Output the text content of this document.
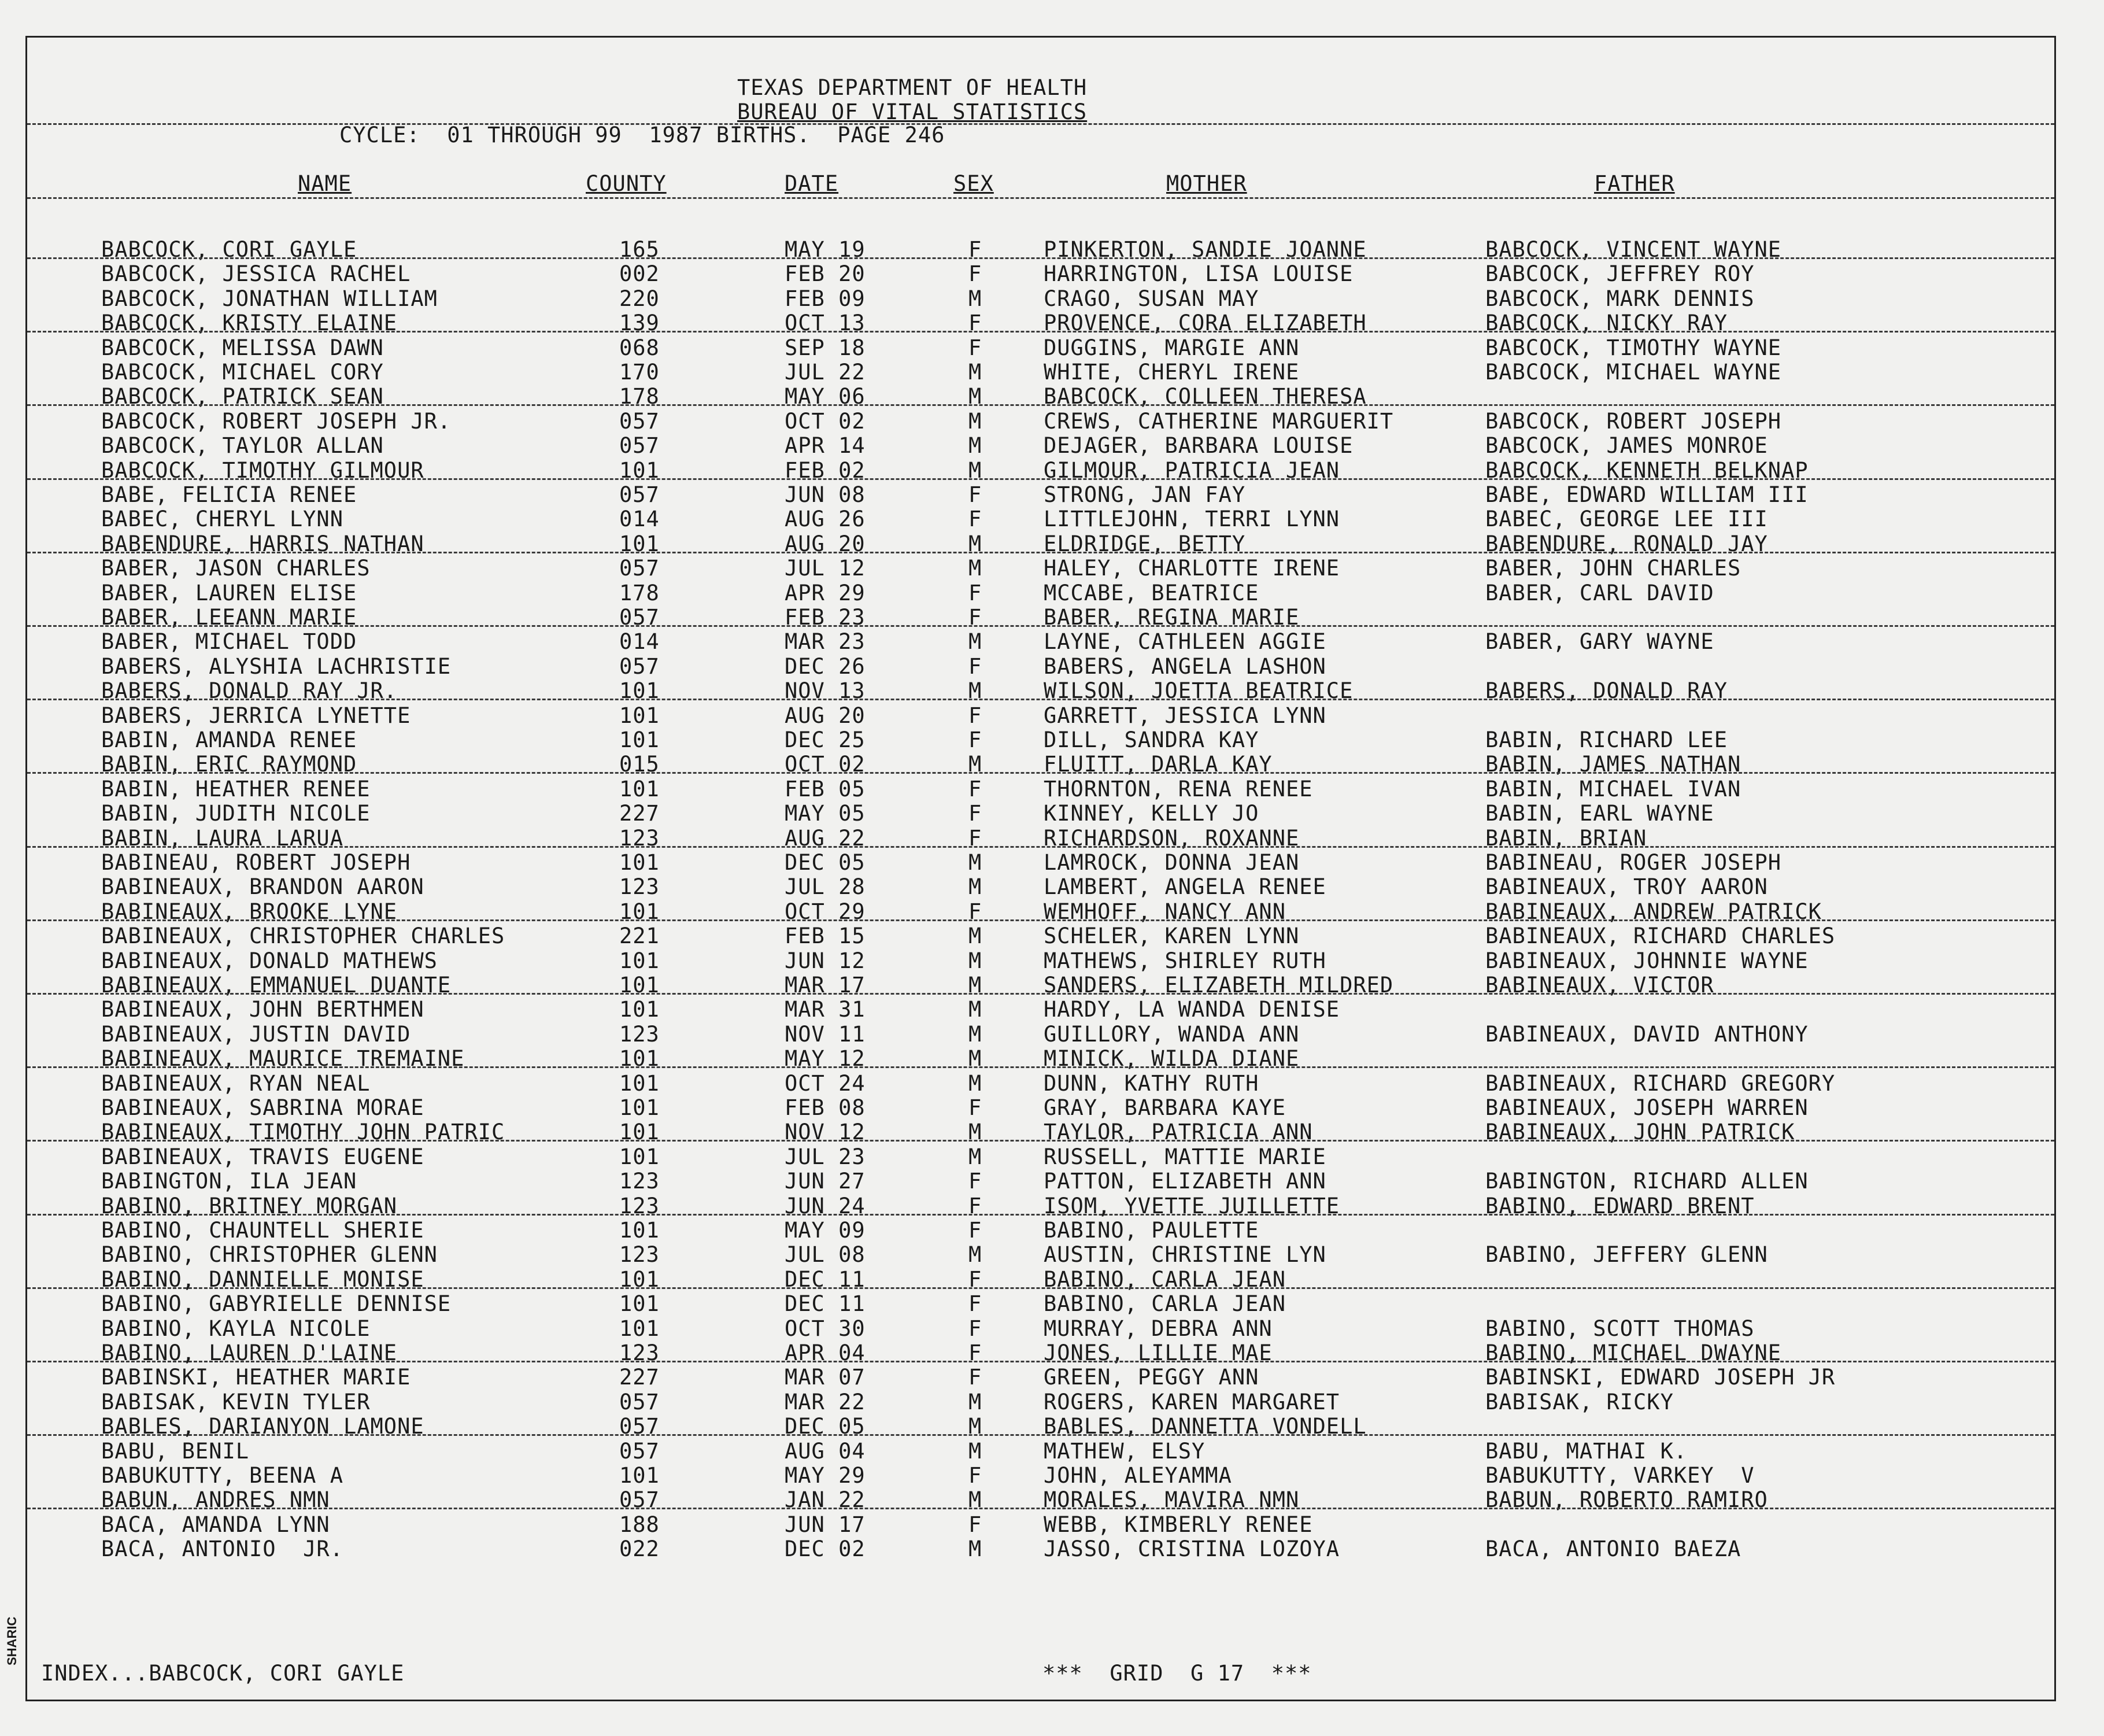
TEXAS DEPARTMENT OF HEALTH
BUREAU OF VITAL STATISTICS
CYCLE:  01 THROUGH 99  1987 BIRTHS.  PAGE 246
NAME	COUNTY	DATE	SEX	MOTHER	FATHER
BABCOCK, CORI GAYLE	165	MAY 19	F	PINKERTON, SANDIE JOANNE	BABCOCK, VINCENT WAYNE
BABCOCK, JESSICA RACHEL	002	FEB 20	F	HARRINGTON, LISA LOUISE	BABCOCK, JEFFREY ROY
BABCOCK, JONATHAN WILLIAM	220	FEB 09	M	CRAGO, SUSAN MAY	BABCOCK, MARK DENNIS
BABCOCK, KRISTY ELAINE	139	OCT 13	F	PROVENCE, CORA ELIZABETH	BABCOCK, NICKY RAY
BABCOCK, MELISSA DAWN	068	SEP 18	F	DUGGINS, MARGIE ANN	BABCOCK, TIMOTHY WAYNE
BABCOCK, MICHAEL CORY	170	JUL 22	M	WHITE, CHERYL IRENE	BABCOCK, MICHAEL WAYNE
BABCOCK, PATRICK SEAN	178	MAY 06	M	BABCOCK, COLLEEN THERESA
BABCOCK, ROBERT JOSEPH JR.	057	OCT 02	M	CREWS, CATHERINE MARGUERIT	BABCOCK, ROBERT JOSEPH
BABCOCK, TAYLOR ALLAN	057	APR 14	M	DEJAGER, BARBARA LOUISE	BABCOCK, JAMES MONROE
BABCOCK, TIMOTHY GILMOUR	101	FEB 02	M	GILMOUR, PATRICIA JEAN	BABCOCK, KENNETH BELKNAP
BABE, FELICIA RENEE	057	JUN 08	F	STRONG, JAN FAY	BABE, EDWARD WILLIAM III
BABEC, CHERYL LYNN	014	AUG 26	F	LITTLEJOHN, TERRI LYNN	BABEC, GEORGE LEE III
BABENDURE, HARRIS NATHAN	101	AUG 20	M	ELDRIDGE, BETTY	BABENDURE, RONALD JAY
BABER, JASON CHARLES	057	JUL 12	M	HALEY, CHARLOTTE IRENE	BABER, JOHN CHARLES
BABER, LAUREN ELISE	178	APR 29	F	MCCABE, BEATRICE	BABER, CARL DAVID
BABER, LEEANN MARIE	057	FEB 23	F	BABER, REGINA MARIE
BABER, MICHAEL TODD	014	MAR 23	M	LAYNE, CATHLEEN AGGIE	BABER, GARY WAYNE
BABERS, ALYSHIA LACHRISTIE	057	DEC 26	F	BABERS, ANGELA LASHON
BABERS, DONALD RAY JR.	101	NOV 13	M	WILSON, JOETTA BEATRICE	BABERS, DONALD RAY
BABERS, JERRICA LYNETTE	101	AUG 20	F	GARRETT, JESSICA LYNN
BABIN, AMANDA RENEE	101	DEC 25	F	DILL, SANDRA KAY	BABIN, RICHARD LEE
BABIN, ERIC RAYMOND	015	OCT 02	M	FLUITT, DARLA KAY	BABIN, JAMES NATHAN
BABIN, HEATHER RENEE	101	FEB 05	F	THORNTON, RENA RENEE	BABIN, MICHAEL IVAN
BABIN, JUDITH NICOLE	227	MAY 05	F	KINNEY, KELLY JO	BABIN, EARL WAYNE
BABIN, LAURA LARUA	123	AUG 22	F	RICHARDSON, ROXANNE	BABIN, BRIAN
BABINEAU, ROBERT JOSEPH	101	DEC 05	M	LAMROCK, DONNA JEAN	BABINEAU, ROGER JOSEPH
BABINEAUX, BRANDON AARON	123	JUL 28	M	LAMBERT, ANGELA RENEE	BABINEAUX, TROY AARON
BABINEAUX, BROOKE LYNE	101	OCT 29	F	WEMHOFF, NANCY ANN	BABINEAUX, ANDREW PATRICK
BABINEAUX, CHRISTOPHER CHARLES	221	FEB 15	M	SCHELER, KAREN LYNN	BABINEAUX, RICHARD CHARLES
BABINEAUX, DONALD MATHEWS	101	JUN 12	M	MATHEWS, SHIRLEY RUTH	BABINEAUX, JOHNNIE WAYNE
BABINEAUX, EMMANUEL DUANTE	101	MAR 17	M	SANDERS, ELIZABETH MILDRED	BABINEAUX, VICTOR
BABINEAUX, JOHN BERTHMEN	101	MAR 31	M	HARDY, LA WANDA DENISE
BABINEAUX, JUSTIN DAVID	123	NOV 11	M	GUILLORY, WANDA ANN	BABINEAUX, DAVID ANTHONY
BABINEAUX, MAURICE TREMAINE	101	MAY 12	M	MINICK, WILDA DIANE
BABINEAUX, RYAN NEAL	101	OCT 24	M	DUNN, KATHY RUTH	BABINEAUX, RICHARD GREGORY
BABINEAUX, SABRINA MORAE	101	FEB 08	F	GRAY, BARBARA KAYE	BABINEAUX, JOSEPH WARREN
BABINEAUX, TIMOTHY JOHN PATRIC	101	NOV 12	M	TAYLOR, PATRICIA ANN	BABINEAUX, JOHN PATRICK
BABINEAUX, TRAVIS EUGENE	101	JUL 23	M	RUSSELL, MATTIE MARIE
BABINGTON, ILA JEAN	123	JUN 27	F	PATTON, ELIZABETH ANN	BABINGTON, RICHARD ALLEN
BABINO, BRITNEY MORGAN	123	JUN 24	F	ISOM, YVETTE JUILLETTE	BABINO, EDWARD BRENT
BABINO, CHAUNTELL SHERIE	101	MAY 09	F	BABINO, PAULETTE
BABINO, CHRISTOPHER GLENN	123	JUL 08	M	AUSTIN, CHRISTINE LYN	BABINO, JEFFERY GLENN
BABINO, DANNIELLE MONISE	101	DEC 11	F	BABINO, CARLA JEAN
BABINO, GABYRIELLE DENNISE	101	DEC 11	F	BABINO, CARLA JEAN
BABINO, KAYLA NICOLE	101	OCT 30	F	MURRAY, DEBRA ANN	BABINO, SCOTT THOMAS
BABINO, LAUREN D'LAINE	123	APR 04	F	JONES, LILLIE MAE	BABINO, MICHAEL DWAYNE
BABINSKI, HEATHER MARIE	227	MAR 07	F	GREEN, PEGGY ANN	BABINSKI, EDWARD JOSEPH JR
BABISAK, KEVIN TYLER	057	MAR 22	M	ROGERS, KAREN MARGARET	BABISAK, RICKY
BABLES, DARIANYON LAMONE	057	DEC 05	M	BABLES, DANNETTA VONDELL
BABU, BENIL	057	AUG 04	M	MATHEW, ELSY	BABU, MATHAI K.
BABUKUTTY, BEENA A	101	MAY 29	F	JOHN, ALEYAMMA	BABUKUTTY, VARKEY  V
BABUN, ANDRES NMN	057	JAN 22	M	MORALES, MAVIRA NMN	BABUN, ROBERTO RAMIRO
BACA, AMANDA LYNN	188	JUN 17	F	WEBB, KIMBERLY RENEE
BACA, ANTONIO  JR.	022	DEC 02	M	JASSO, CRISTINA LOZOYA	BACA, ANTONIO BAEZA
INDEX...BABCOCK, CORI GAYLE	***  GRID  G 17  ***
SHARIC
